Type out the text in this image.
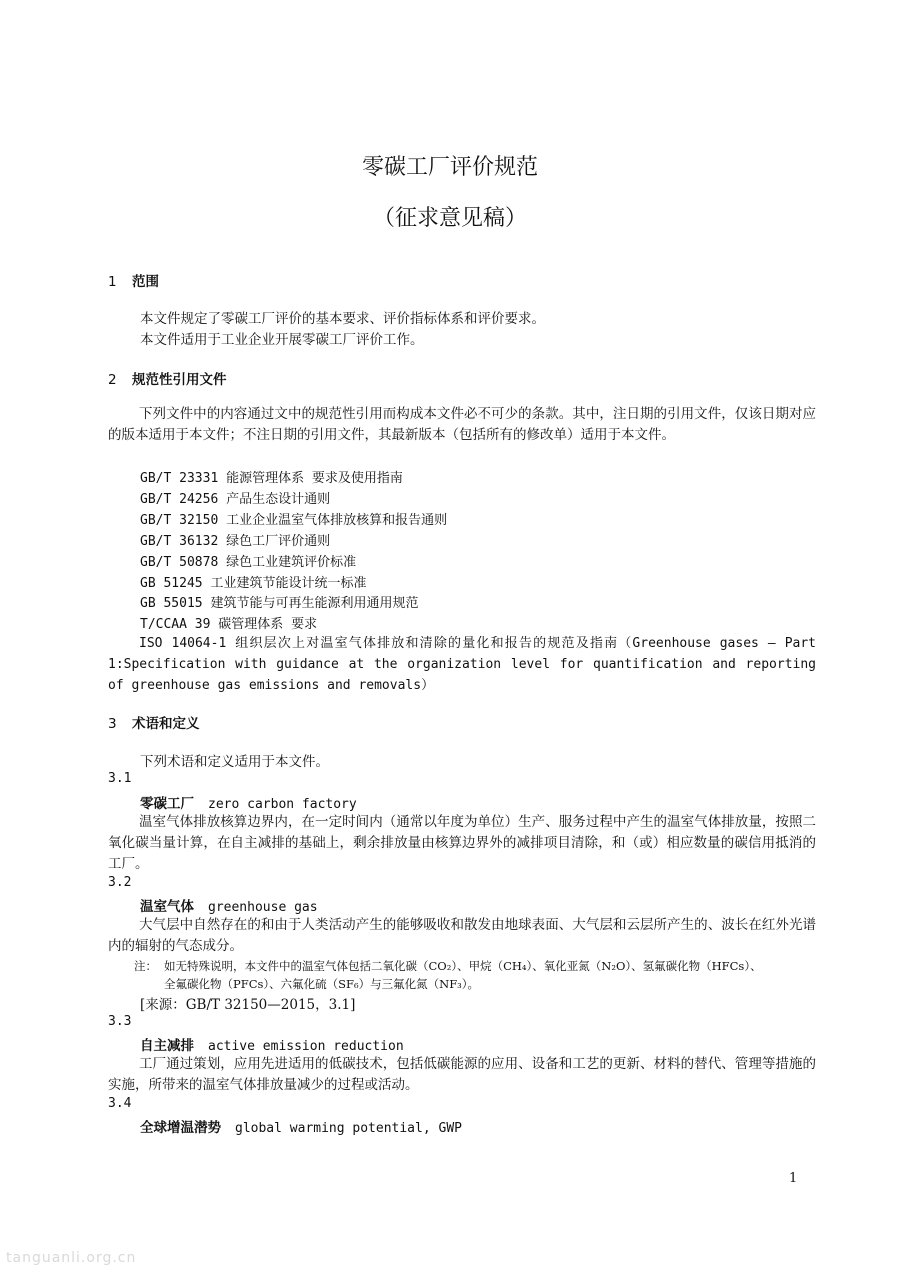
零碳工厂评价规范
（征求意见稿）
1 范围
本文件规定了零碳工厂评价的基本要求、评价指标体系和评价要求。
本文件适用于工业企业开展零碳工厂评价工作。
2 规范性引用文件
下列文件中的内容通过文中的规范性引用而构成本文件必不可少的条款。其中，注日期的引用文件，仅该日期对应的版本适用于本文件；不注日期的引用文件，其最新版本（包括所有的修改单）适用于本文件。
GB/T 23331 能源管理体系 要求及使用指南
GB/T 24256 产品生态设计通则
GB/T 32150 工业企业温室气体排放核算和报告通则
GB/T 36132 绿色工厂评价通则
GB/T 50878 绿色工业建筑评价标准
GB 51245 工业建筑节能设计统一标准
GB 55015 建筑节能与可再生能源利用通用规范
T/CCAA 39 碳管理体系 要求
ISO 14064-1 组织层次上对温室气体排放和清除的量化和报告的规范及指南（Greenhouse gases — Part 1:Specification with guidance at the organization level for quantification and reporting of greenhouse gas emissions and removals）
3 术语和定义
下列术语和定义适用于本文件。
3.1
零碳工厂 zero carbon factory
温室气体排放核算边界内，在一定时间内（通常以年度为单位）生产、服务过程中产生的温室气体排放量，按照二氧化碳当量计算，在自主减排的基础上，剩余排放量由核算边界外的减排项目清除，和（或）相应数量的碳信用抵消的工厂。
3.2
温室气体 greenhouse gas
大气层中自然存在的和由于人类活动产生的能够吸收和散发由地球表面、大气层和云层所产生的、波长在红外光谱内的辐射的气态成分。
注： 如无特殊说明，本文件中的温室气体包括二氧化碳（CO₂）、甲烷（CH₄）、氧化亚氮（N₂O）、氢氟碳化物（HFCs）、
全氟碳化物（PFCs）、六氟化硫（SF₆）与三氟化氮（NF₃）。
[来源：GB/T 32150—2015，3.1]
3.3
自主减排 active emission reduction
工厂通过策划，应用先进适用的低碳技术，包括低碳能源的应用、设备和工艺的更新、材料的替代、管理等措施的实施，所带来的温室气体排放量减少的过程或活动。
3.4
全球增温潜势 global warming potential, GWP
1
tanguanli.org.cn
